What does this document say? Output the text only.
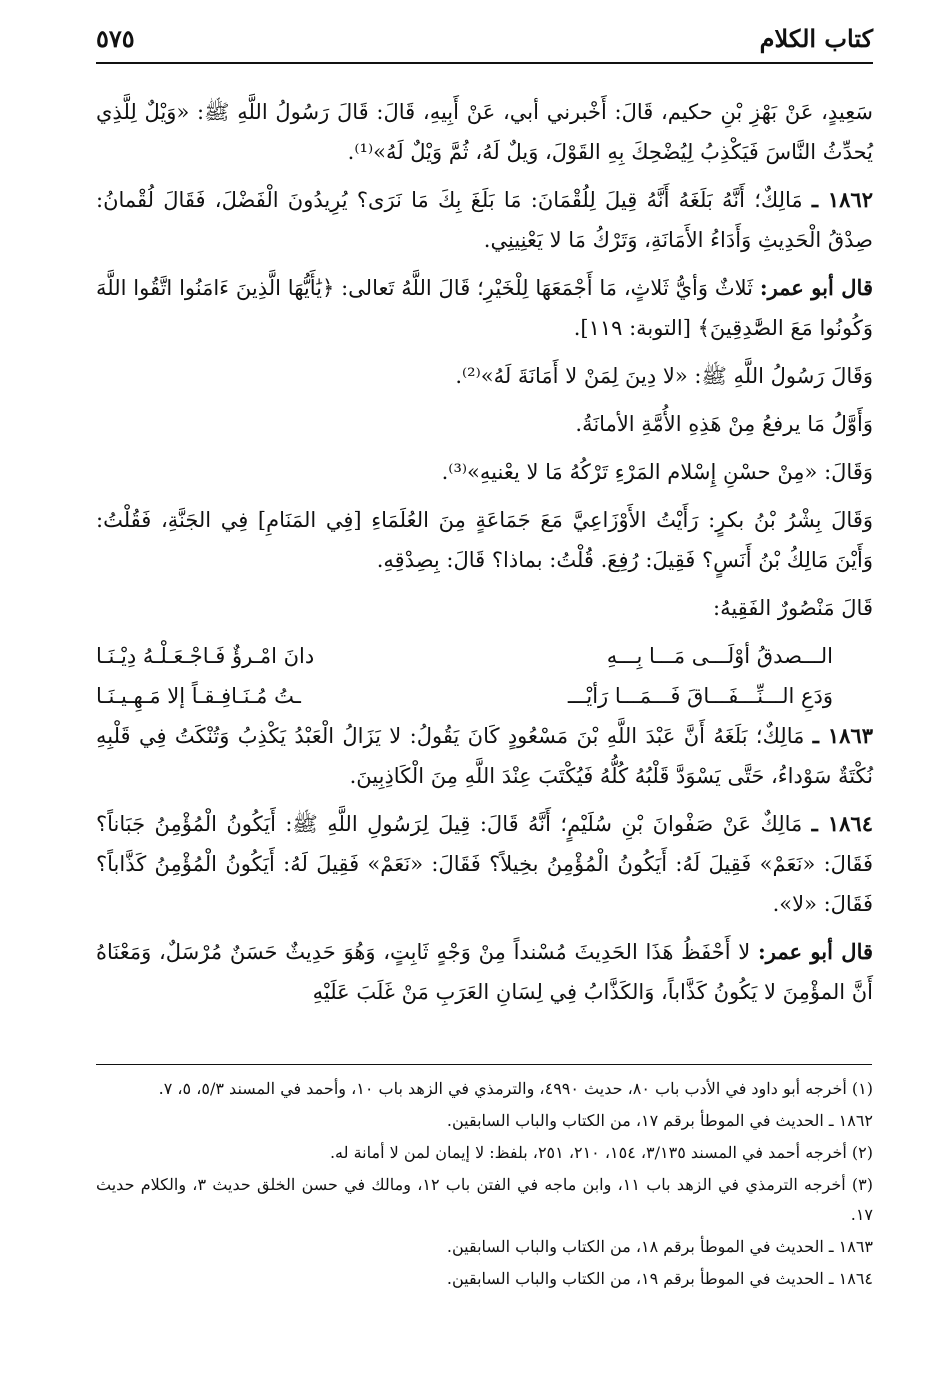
كتاب الكلام
٥٧٥

سَعِيدٍ، عَنْ بَهْزِ بْنِ حكيم، قَالَ: أَخْبرني أبي، عَنْ أَبِيهِ، قَالَ: قَالَ رَسُولُ اللَّهِ ﷺ: «وَيْلٌ لِلَّذِي يُحدِّثُ النَّاسَ فَيَكْذِبُ لِيُضْحِكَ بِهِ القَوْلَ، وَيلٌ لَهُ، ثُمَّ وَيْلٌ لَهُ»⁽¹⁾.

١٨٦٢ ـ مَالِكٌ؛ أَنَّهُ بَلَغَهُ أَنَّهُ قِيلَ لِلُقْمَانَ: مَا بَلَغَ بِكَ مَا نَرَى؟ يُرِيدُونَ الْفَضْلَ، فَقَالَ لُقْمانُ: صِدْقُ الْحَدِيثِ وَأَدَاءُ الأَمَانَةِ، وَتَرْكُ مَا لا يَعْنِينِي.

قال أبو عمر: ثَلاثٌ وَأيُّ ثَلاثٍ، مَا أَجْمَعَهَا لِلْخَيْرِ؛ قَالَ اللَّهُ تَعالى: ﴿يَٰأَيُّهَا الَّذِينَ ءَامَنُوا اتَّقُوا اللَّهَ وَكُونُوا مَعَ الصَّٰدِقِينَ﴾ [التوبة: ١١٩].

وَقَالَ رَسُولُ اللَّهِ ﷺ: «لا دِينَ لِمَنْ لا أَمَانَةَ لَهُ»⁽²⁾.

وَأَوَّلُ مَا يرفعُ مِنْ هَذِهِ الأُمَّةِ الأمانَةُ.

وَقَالَ: «مِنْ حسْنِ إِسْلام المَرْءِ تَرْكُهُ مَا لا يعْنيهِ»⁽³⁾.

وَقَالَ بِشْرُ بْنُ بكرٍ: رَأَيْتُ الأَوْزَاعِيَّ مَعَ جَمَاعَةٍ مِنَ العُلَمَاءِ [فِي المَنَامِ] فِي الجَنَّةِ، فَقُلْتُ: وَأَيْنَ مَالِكُ بْنُ أَنَسٍ؟ فَقِيلَ: رُفِعَ. قُلْتُ: بماذا؟ قَالَ: بِصِدْقِهِ.

قَالَ مَنْصُورٌ الفَقِيهُ:

الـــصدقُ أوْلَـــى مَـــا بِـــهِ
دانَ امْـرؤٌ فَـاجْـعَـلْـهُ دِيْـنَـا
وَدَعِ الـــنِّـــفَـــاقَ فَـــمَـــا رَأيْـــ
ـتُ مُـنَـافِـقـاً إلا مَـهِـيـنَـا

١٨٦٣ ـ مَالِكٌ؛ بَلَغَهُ أَنَّ عَبْدَ اللَّهِ بْنَ مَسْعُودٍ كَانَ يَقُولُ: لا يَزَالُ الْعَبْدُ يَكْذِبُ وَتُنْكَتُ فِي قَلْبِهِ نُكْتَةٌ سَوْداءُ، حَتَّى يَسْوَدَّ قَلْبُهُ كُلُّهُ فَيُكْتَبَ عِنْدَ اللَّهِ مِنَ الْكَاذِبِينَ.

١٨٦٤ ـ مَالِكٌ عَنْ صَفْوانَ بْنِ سُلَيْمٍ؛ أَنَّهُ قَالَ: قِيلَ لِرَسُولِ اللَّهِ ﷺ: أَيَكُونُ الْمُؤْمِنُ جَبَاناً؟ فَقَالَ: «نَعَمْ» فَقِيلَ لَهُ: أَيَكُونُ الْمُؤْمِنُ بخِيلاً؟ فَقَالَ: «نَعَمْ» فَقِيلَ لَهُ: أَيَكُونُ الْمُؤْمِنُ كَذَّاباً؟ فَقَالَ: «لا».

قال أبو عمر: لا أَحْفَظُ هَذَا الحَدِيثَ مُسْنداً مِنْ وَجْهٍ ثَابِتٍ، وَهُوَ حَدِيثٌ حَسَنٌ مُرْسَلٌ، وَمَعْنَاهُ أَنَّ المؤْمِنَ لا يَكُونُ كَذَّاباً، وَالكَذَّابُ فِي لِسَانِ العَرَبِ مَنْ غَلَبَ عَلَيْهِ

(١) أخرجه أبو داود في الأدب باب ٨٠، حديث ٤٩٩٠، والترمذي في الزهد باب ١٠، وأحمد في المسند ٥/٣، ٥، ٧.

١٨٦٢ ـ الحديث في الموطأ برقم ١٧، من الكتاب والباب السابقين.

(٢) أخرجه أحمد في المسند ٣/١٣٥، ١٥٤، ٢١٠، ٢٥١، بلفظ: لا إيمان لمن لا أمانة له.

(٣) أخرجه الترمذي في الزهد باب ١١، وابن ماجه في الفتن باب ١٢، ومالك في حسن الخلق حديث ٣، والكلام حديث ١٧.

١٨٦٣ ـ الحديث في الموطأ برقم ١٨، من الكتاب والباب السابقين.

١٨٦٤ ـ الحديث في الموطأ برقم ١٩، من الكتاب والباب السابقين.
